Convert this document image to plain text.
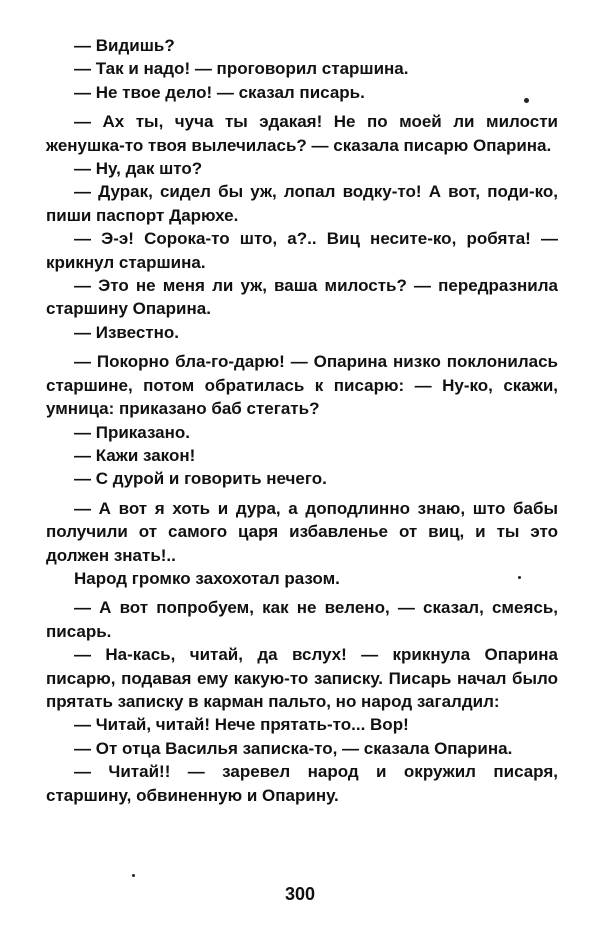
— Видишь?

— Так и надо! — проговорил старшина.

— Не твое дело! — сказал писарь.

— Ах ты, чуча ты эдакая! Не по моей ли милости женушка-то твоя вылечилась? — сказала писарю Опарина.

— Ну, дак што?

— Дурак, сидел бы уж, лопал водку-то! А вот, поди-ко, пиши паспорт Дарюхе.

— Э-э! Сорока-то што, а?.. Виц несите-ко, робята! — крикнул старшина.

— Это не меня ли уж, ваша милость? — передразнила старшину Опарина.

— Известно.

— Покорно бла-го-дарю! — Опарина низко поклонилась старшине, потом обратилась к писарю: — Ну-ко, скажи, умница: приказано баб стегать?

— Приказано.

— Кажи закон!

— С дурой и говорить нечего.

— А вот я хоть и дура, а доподлинно знаю, што бабы получили от самого царя избавленье от виц, и ты это должен знать!..

Народ громко захохотал разом.

— А вот попробуем, как не велено, — сказал, смеясь, писарь.

— На-кась, читай, да вслух! — крикнула Опарина писарю, подавая ему какую-то записку. Писарь начал было прятать записку в карман пальто, но народ загалдил:

— Читай, читай! Нече прятать-то... Вор!

— От отца Василья записка-то, — сказала Опарина.

— Читай!! — заревел народ и окружил писаря, старшину, обвиненную и Опарину.

300
